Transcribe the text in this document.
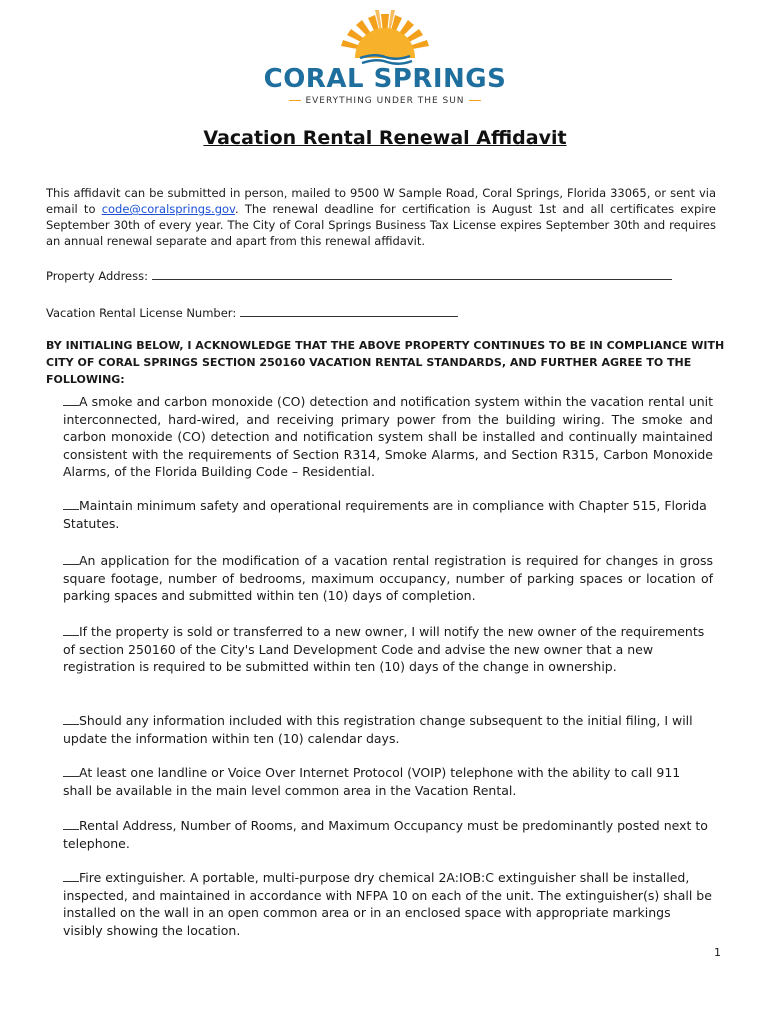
CORAL SPRINGS
EVERYTHING UNDER THE SUN
Vacation Rental Renewal Affidavit
This affidavit can be submitted in person, mailed to 9500 W Sample Road, Coral Springs, Florida 33065, or sent via email to code@coralsprings.gov. The renewal deadline for certification is August 1st and all certificates expire September 30th of every year. The City of Coral Springs Business Tax License expires September 30th and requires an annual renewal separate and apart from this renewal affidavit.
Property Address:
Vacation Rental License Number:
BY INITIALING BELOW, I ACKNOWLEDGE THAT THE ABOVE PROPERTY CONTINUES TO BE IN COMPLIANCE WITH CITY OF CORAL SPRINGS SECTION 250160 VACATION RENTAL STANDARDS, AND FURTHER AGREE TO THE FOLLOWING:
A smoke and carbon monoxide (CO) detection and notification system within the vacation rental unit interconnected, hard-wired, and receiving primary power from the building wiring. The smoke and carbon monoxide (CO) detection and notification system shall be installed and continually maintained consistent with the requirements of Section R314, Smoke Alarms, and Section R315, Carbon Monoxide Alarms, of the Florida Building Code – Residential.
Maintain minimum safety and operational requirements are in compliance with Chapter 515, Florida Statutes.
An application for the modification of a vacation rental registration is required for changes in gross square footage, number of bedrooms, maximum occupancy, number of parking spaces or location of parking spaces and submitted within ten (10) days of completion.
If the property is sold or transferred to a new owner, I will notify the new owner of the requirements of section 250160 of the City's Land Development Code and advise the new owner that a new registration is required to be submitted within ten (10) days of the change in ownership.
Should any information included with this registration change subsequent to the initial filing, I will update the information within ten (10) calendar days.
At least one landline or Voice Over Internet Protocol (VOIP) telephone with the ability to call 911 shall be available in the main level common area in the Vacation Rental.
Rental Address, Number of Rooms, and Maximum Occupancy must be predominantly posted next to telephone.
Fire extinguisher. A portable, multi-purpose dry chemical 2A:IOB:C extinguisher shall be installed, inspected, and maintained in accordance with NFPA 10 on each of the unit. The extinguisher(s) shall be installed on the wall in an open common area or in an enclosed space with appropriate markings visibly showing the location.
1
